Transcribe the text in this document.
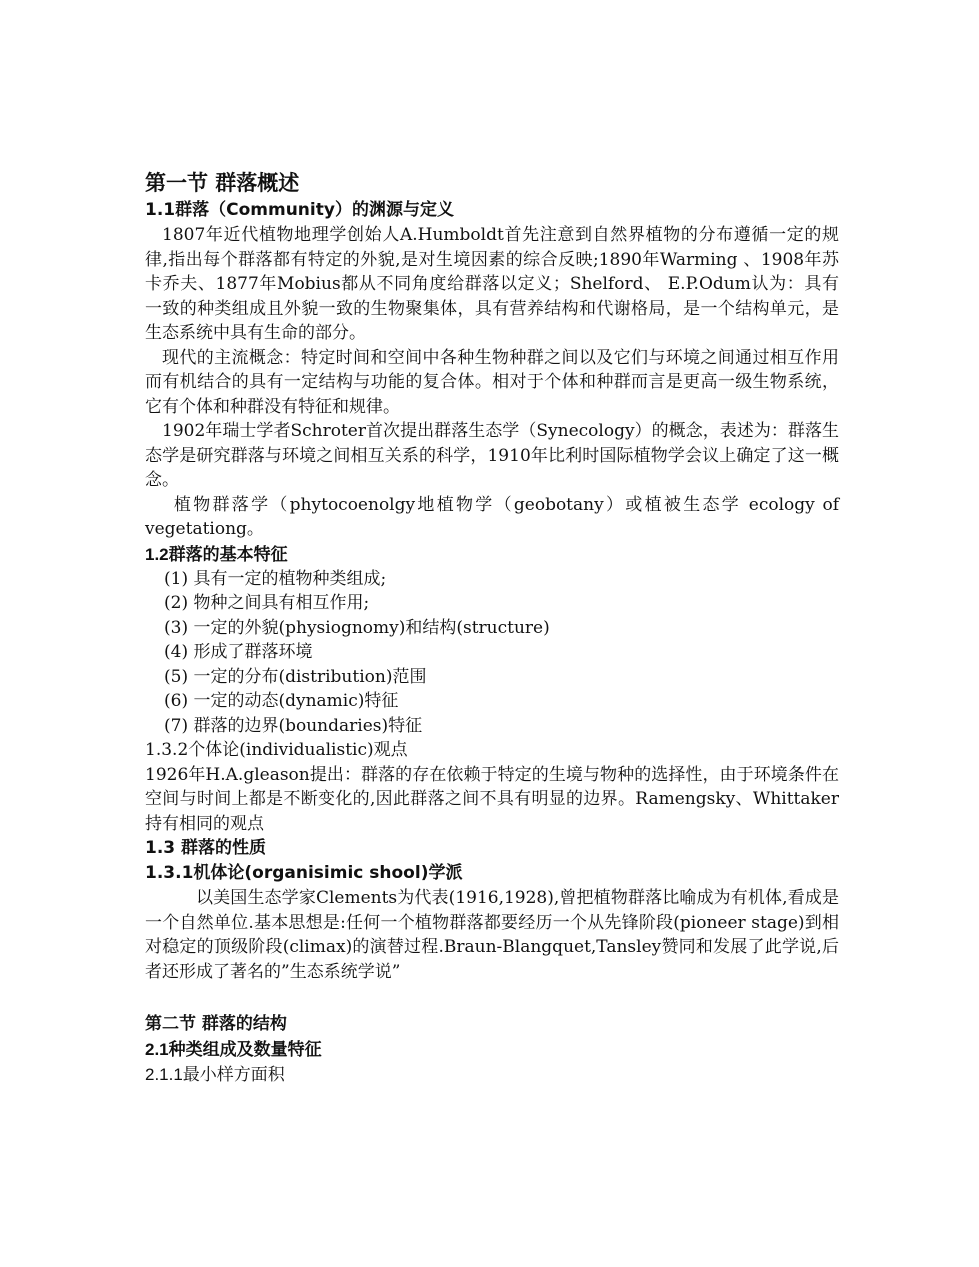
第一节 群落概述
1.1群落（Community）的渊源与定义

1807年近代植物地理学创始人A.Humboldt首先注意到自然界植物的分布遵循一定的规律,指出每个群落都有特定的外貌,是对生境因素的综合反映;1890年Warming 、1908年苏卡乔夫、1877年Mobius都从不同角度给群落以定义；Shelford、 E.P.Odum认为：具有一致的种类组成且外貌一致的生物聚集体，具有营养结构和代谢格局，是一个结构单元，是生态系统中具有生命的部分。

现代的主流概念：特定时间和空间中各种生物种群之间以及它们与环境之间通过相互作用而有机结合的具有一定结构与功能的复合体。相对于个体和种群而言是更高一级生物系统，它有个体和种群没有特征和规律。

1902年瑞士学者Schroter首次提出群落生态学（Synecology）的概念，表述为：群落生态学是研究群落与环境之间相互关系的科学，1910年比利时国际植物学会议上确定了这一概念。

植物群落学（phytocoenolgy地植物学（geobotany）或植被生态学 ecology of vegetationg。

1.2群落的基本特征
(1) 具有一定的植物种类组成;
(2) 物种之间具有相互作用;
(3) 一定的外貌(physiognomy)和结构(structure)
(4) 形成了群落环境
(5) 一定的分布(distribution)范围
(6) 一定的动态(dynamic)特征
(7) 群落的边界(boundaries)特征

1.3.2个体论(individualistic)观点

1926年H.A.gleason提出：群落的存在依赖于特定的生境与物种的选择性，由于环境条件在空间与时间上都是不断变化的,因此群落之间不具有明显的边界。Ramengsky、Whittaker持有相同的观点

1.3 群落的性质
1.3.1机体论(organisimic shool)学派

以美国生态学家Clements为代表(1916,1928),曾把植物群落比喻成为有机体,看成是一个自然单位.基本思想是:任何一个植物群落都要经历一个从先锋阶段(pioneer stage)到相对稳定的顶级阶段(climax)的演替过程.Braun-Blangquet,Tansley赞同和发展了此学说,后者还形成了著名的”生态系统学说”

第二节 群落的结构
2.1种类组成及数量特征

2.1.1最小样方面积
